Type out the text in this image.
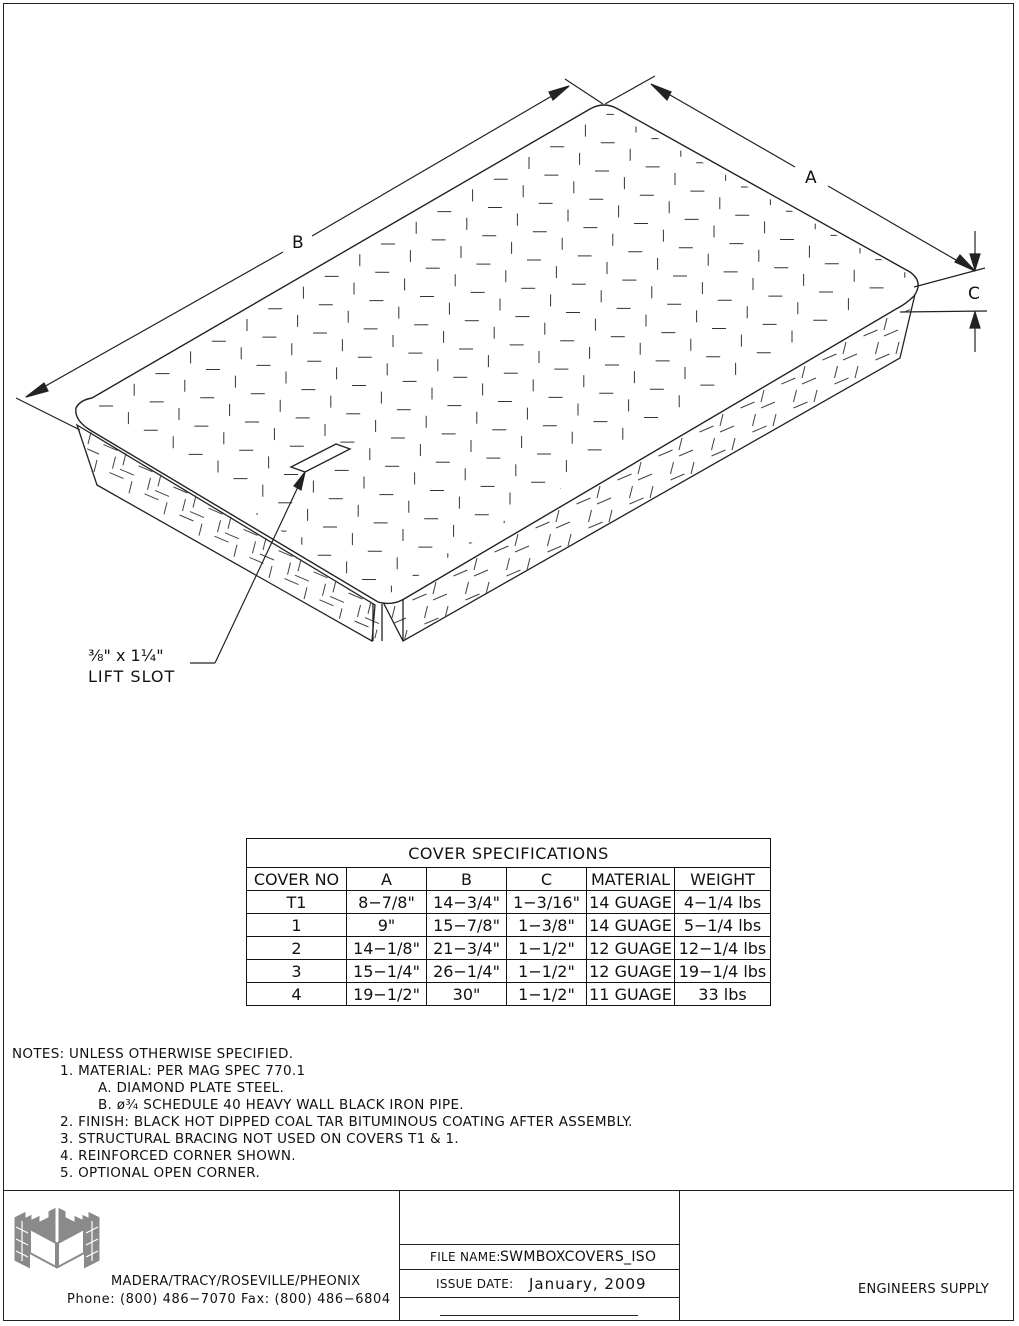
B
A
C
⅜" x 1¼"
LIFT SLOT
COVER SPECIFICATIONS					
COVER NO	A	B	C	MATERIAL	WEIGHT
T1	8−7/8"	14−3/4"	1−3/16"	14 GUAGE	4−1/4 lbs
1	9"	15−7/8"	1−3/8"	14 GUAGE	5−1/4 lbs
2	14−1/8"	21−3/4"	1−1/2"	12 GUAGE	12−1/4 lbs
3	15−1/4"	26−1/4"	1−1/2"	12 GUAGE	19−1/4 lbs
4	19−1/2"	30"	1−1/2"	11 GUAGE	33 lbs
NOTES: UNLESS OTHERWISE SPECIFIED.
1. MATERIAL: PER MAG SPEC 770.1
A. DIAMOND PLATE STEEL.
B. ø¾ SCHEDULE 40 HEAVY WALL BLACK IRON PIPE.
2. FINISH: BLACK HOT DIPPED COAL TAR BITUMINOUS COATING AFTER ASSEMBLY.
3. STRUCTURAL BRACING NOT USED ON COVERS T1 & 1.
4. REINFORCED CORNER SHOWN.
5. OPTIONAL OPEN CORNER.
MADERA/TRACY/ROSEVILLE/PHEONIX
Phone: (800) 486−7070 Fax: (800) 486−6804
FILE NAME: SWMBOXCOVERS_ISO
ISSUE DATE: January, 2009	ENGINEERS SUPPLY
